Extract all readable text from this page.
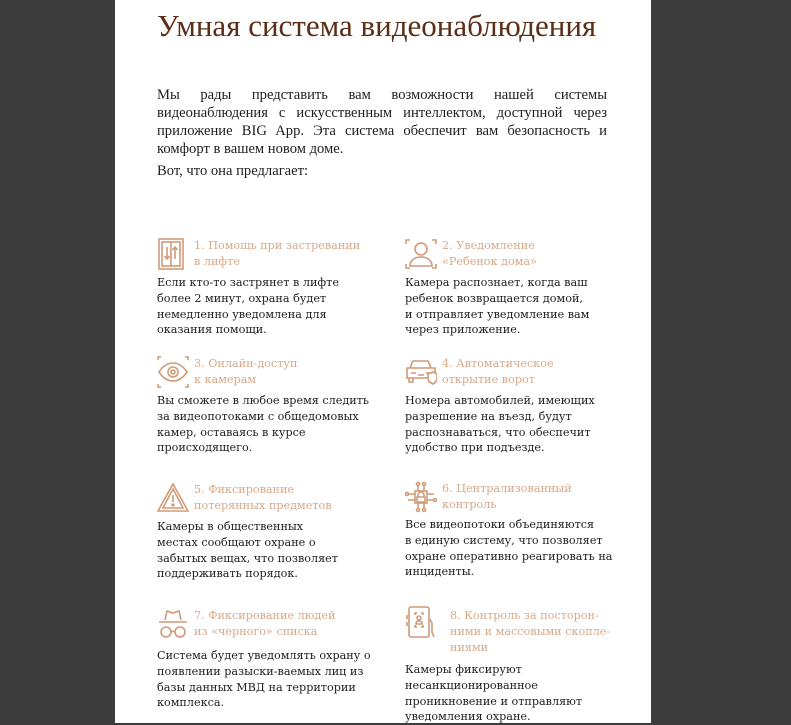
Умная система видеонаблюдения
Мы рады представить вам возможности нашей системы видеонаблюдения с искусственным интеллектом, доступной через приложение BIG App. Эта система обеспечит вам безопасность и комфорт в вашем новом доме.
Вот, что она предлагает:
1. Помощь при застревании
в лифте
Если кто-то застрянет в лифте
более 2 минут, охрана будет
немедленно уведомлена для
оказания помощи.
2. Уведомление
«Ребенок дома»
Камера распознает, когда ваш
ребенок возвращается домой,
и отправляет уведомление вам
через приложение.
3. Онлайн-доступ
к камерам
Вы сможете в любое время следить
за видеопотоками с общедомовых
камер, оставаясь в курсе
происходящего.
4. Автоматическое
открытие ворот
Номера автомобилей, имеющих
разрешение на въезд, будут
распознаваться, что обеспечит
удобство при подъезде.
5. Фиксирование
потерянных предметов
Камеры в общественных
местах сообщают охране о
забытых вещах, что позволяет
поддерживать порядок.
6. Централизованный
контроль
Все видеопотоки объединяются
в единую систему, что позволяет
охране оперативно реагировать на
инциденты.
7. Фиксирование людей
из «черного» списка
Система будет уведомлять охрану о
появлении разыски-ваемых лиц из
базы данных МВД на территории
комплекса.
8. Контроль за посторон-
ними и массовыми скопле-
ниями
Камеры фиксируют
несанкционированное
проникновение и отправляют
уведомления охране.
